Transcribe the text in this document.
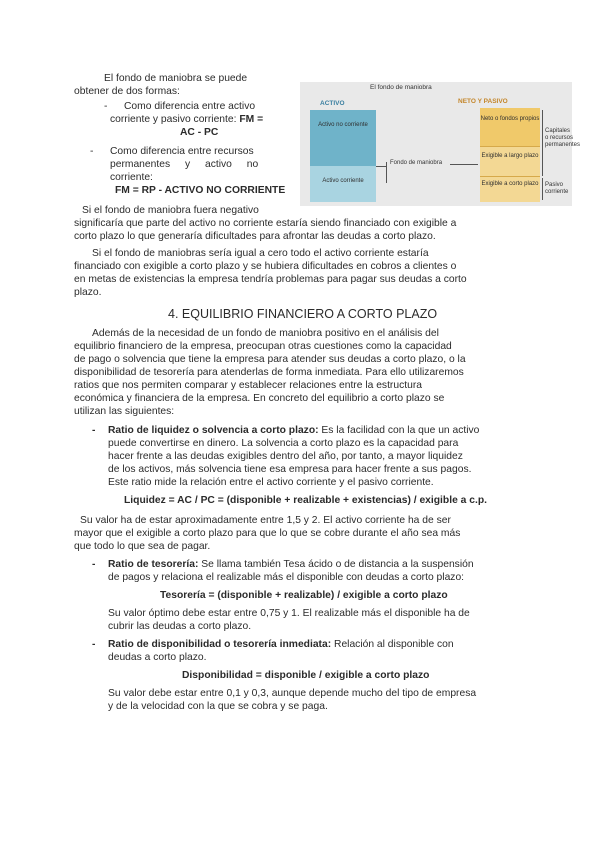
El fondo de maniobra se puede
obtener de dos formas:
- Como diferencia entre activo
corriente y pasivo corriente: FM =
AC - PC
- Como diferencia entre recursos
permanentes y activo no
corriente:
FM = RP - ACTIVO NO CORRIENTE
El fondo de maniobra
ACTIVO	NETO Y PASIVO
Activo no corriente
Activo corriente
Fondo de maniobra
Neto o fondos propios
Exigible a largo plazo
Exigible a corto plazo
Capitales o recursos permanentes
Pasivo corriente
Si el fondo de maniobra fuera negativo
significaría que parte del activo no corriente estaría siendo financiado con exigible a
corto plazo lo que generaría dificultades para afrontar las deudas a corto plazo.
Si el fondo de maniobras sería igual a cero todo el activo corriente estaría
financiado con exigible a corto plazo y se hubiera dificultades en cobros a clientes o
en metas de existencias la empresa tendría problemas para pagar sus deudas a corto
plazo.
4. EQUILIBRIO FINANCIERO A CORTO PLAZO
Además de la necesidad de un fondo de maniobra positivo en el análisis del
equilibrio financiero de la empresa, preocupan otras cuestiones como la capacidad
de pago o solvencia que tiene la empresa para atender sus deudas a corto plazo, o la
disponibilidad de tesorería para atenderlas de forma inmediata. Para ello utilizaremos
ratios que nos permiten comparar y establecer relaciones entre la estructura
económica y financiera de la empresa. En concreto del equilibrio a corto plazo se
utilizan las siguientes:
- Ratio de liquidez o solvencia a corto plazo: Es la facilidad con la que un activo
puede convertirse en dinero. La solvencia a corto plazo es la capacidad para
hacer frente a las deudas exigibles dentro del año, por tanto, a mayor liquidez
de los activos, más solvencia tiene esa empresa para hacer frente a sus pagos.
Este ratio mide la relación entre el activo corriente y el pasivo corriente.
Liquidez = AC / PC = (disponible + realizable + existencias) / exigible a c.p.
Su valor ha de estar aproximadamente entre 1,5 y 2. El activo corriente ha de ser
mayor que el exigible a corto plazo para que lo que se cobre durante el año sea más
que todo lo que sea de pagar.
- Ratio de tesorería: Se llama también Tesa ácido o de distancia a la suspensión
de pagos y relaciona el realizable más el disponible con deudas a corto plazo:
Tesorería = (disponible + realizable) / exigible a corto plazo
Su valor óptimo debe estar entre 0,75 y 1. El realizable más el disponible ha de
cubrir las deudas a corto plazo.
- Ratio de disponibilidad o tesorería inmediata: Relación al disponible con
deudas a corto plazo.
Disponibilidad = disponible / exigible a corto plazo
Su valor debe estar entre 0,1 y 0,3, aunque depende mucho del tipo de empresa
y de la velocidad con la que se cobra y se paga.
